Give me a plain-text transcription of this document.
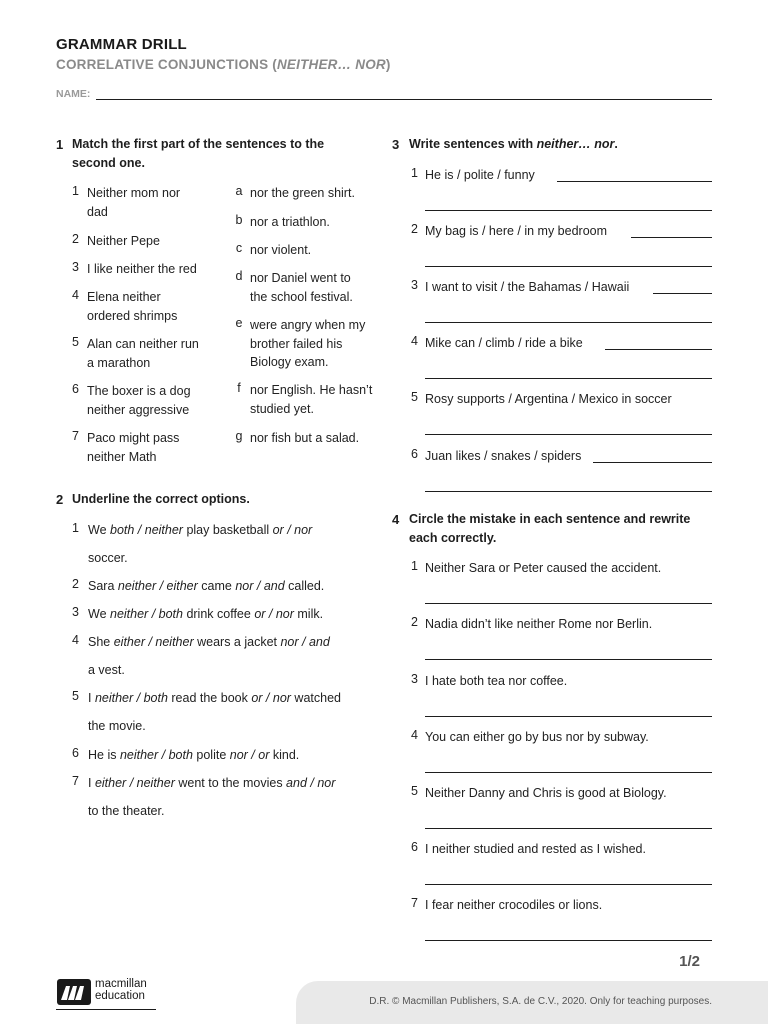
GRAMMAR DRILL
CORRELATIVE CONJUNCTIONS (NEITHER… NOR)
NAME:
1 Match the first part of the sentences to the
second one.
1 Neither mom nor
dad
2 Neither Pepe
3 I like neither the red
4 Elena neither
ordered shrimps
5 Alan can neither run
a marathon
6 The boxer is a dog
neither aggressive
7 Paco might pass
neither Math
a nor the green shirt.
b nor a triathlon.
c nor violent.
d nor Daniel went to
the school festival.
e were angry when my
brother failed his
Biology exam.
f nor English. He hasn’t
studied yet.
g nor fish but a salad.
2 Underline the correct options.
1 We both / neither play basketball or / nor
soccer.
2 Sara neither / either came nor / and called.
3 We neither / both drink coffee or / nor milk.
4 She either / neither wears a jacket nor / and
a vest.
5 I neither / both read the book or / nor watched
the movie.
6 He is neither / both polite nor / or kind.
7 I either / neither went to the movies and / nor
to the theater.
3 Write sentences with neither… nor.
1 He is / polite / funny
2 My bag is / here / in my bedroom
3 I want to visit / the Bahamas / Hawaii
4 Mike can / climb / ride a bike
5 Rosy supports / Argentina / Mexico in soccer
6 Juan likes / snakes / spiders
4 Circle the mistake in each sentence and rewrite
each correctly.
1 Neither Sara or Peter caused the accident.
2 Nadia didn’t like neither Rome nor Berlin.
3 I hate both tea nor coffee.
4 You can either go by bus nor by subway.
5 Neither Danny and Chris is good at Biology.
6 I neither studied and rested as I wished.
7 I fear neither crocodiles or lions.
1/2
D.R. © Macmillan Publishers, S.A. de C.V., 2020. Only for teaching purposes.
macmillan
education
